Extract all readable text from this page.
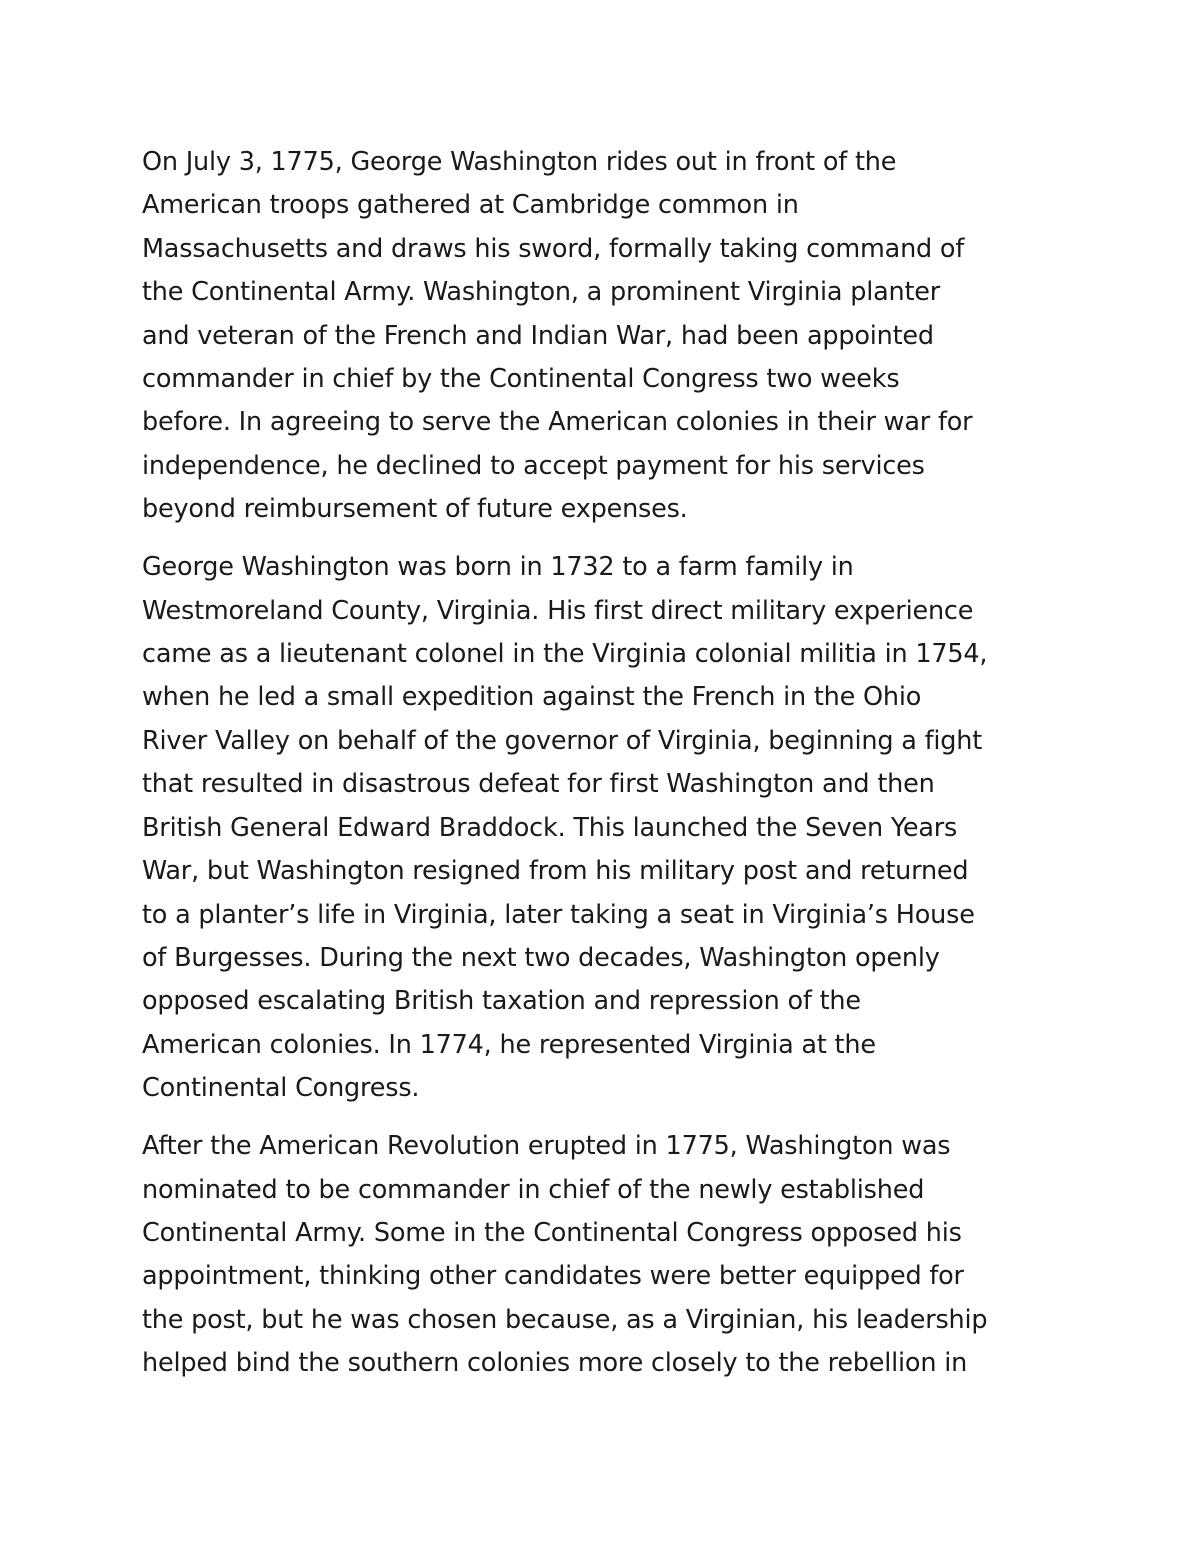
On July 3, 1775, George Washington rides out in front of the
American troops gathered at Cambridge common in
Massachusetts and draws his sword, formally taking command of
the Continental Army. Washington, a prominent Virginia planter
and veteran of the French and Indian War, had been appointed
commander in chief by the Continental Congress two weeks
before. In agreeing to serve the American colonies in their war for
independence, he declined to accept payment for his services
beyond reimbursement of future expenses.

George Washington was born in 1732 to a farm family in
Westmoreland County, Virginia. His first direct military experience
came as a lieutenant colonel in the Virginia colonial militia in 1754,
when he led a small expedition against the French in the Ohio
River Valley on behalf of the governor of Virginia, beginning a fight
that resulted in disastrous defeat for first Washington and then
British General Edward Braddock. This launched the Seven Years
War, but Washington resigned from his military post and returned
to a planter’s life in Virginia, later taking a seat in Virginia’s House
of Burgesses. During the next two decades, Washington openly
opposed escalating British taxation and repression of the
American colonies. In 1774, he represented Virginia at the
Continental Congress.

After the American Revolution erupted in 1775, Washington was
nominated to be commander in chief of the newly established
Continental Army. Some in the Continental Congress opposed his
appointment, thinking other candidates were better equipped for
the post, but he was chosen because, as a Virginian, his leadership
helped bind the southern colonies more closely to the rebellion in
